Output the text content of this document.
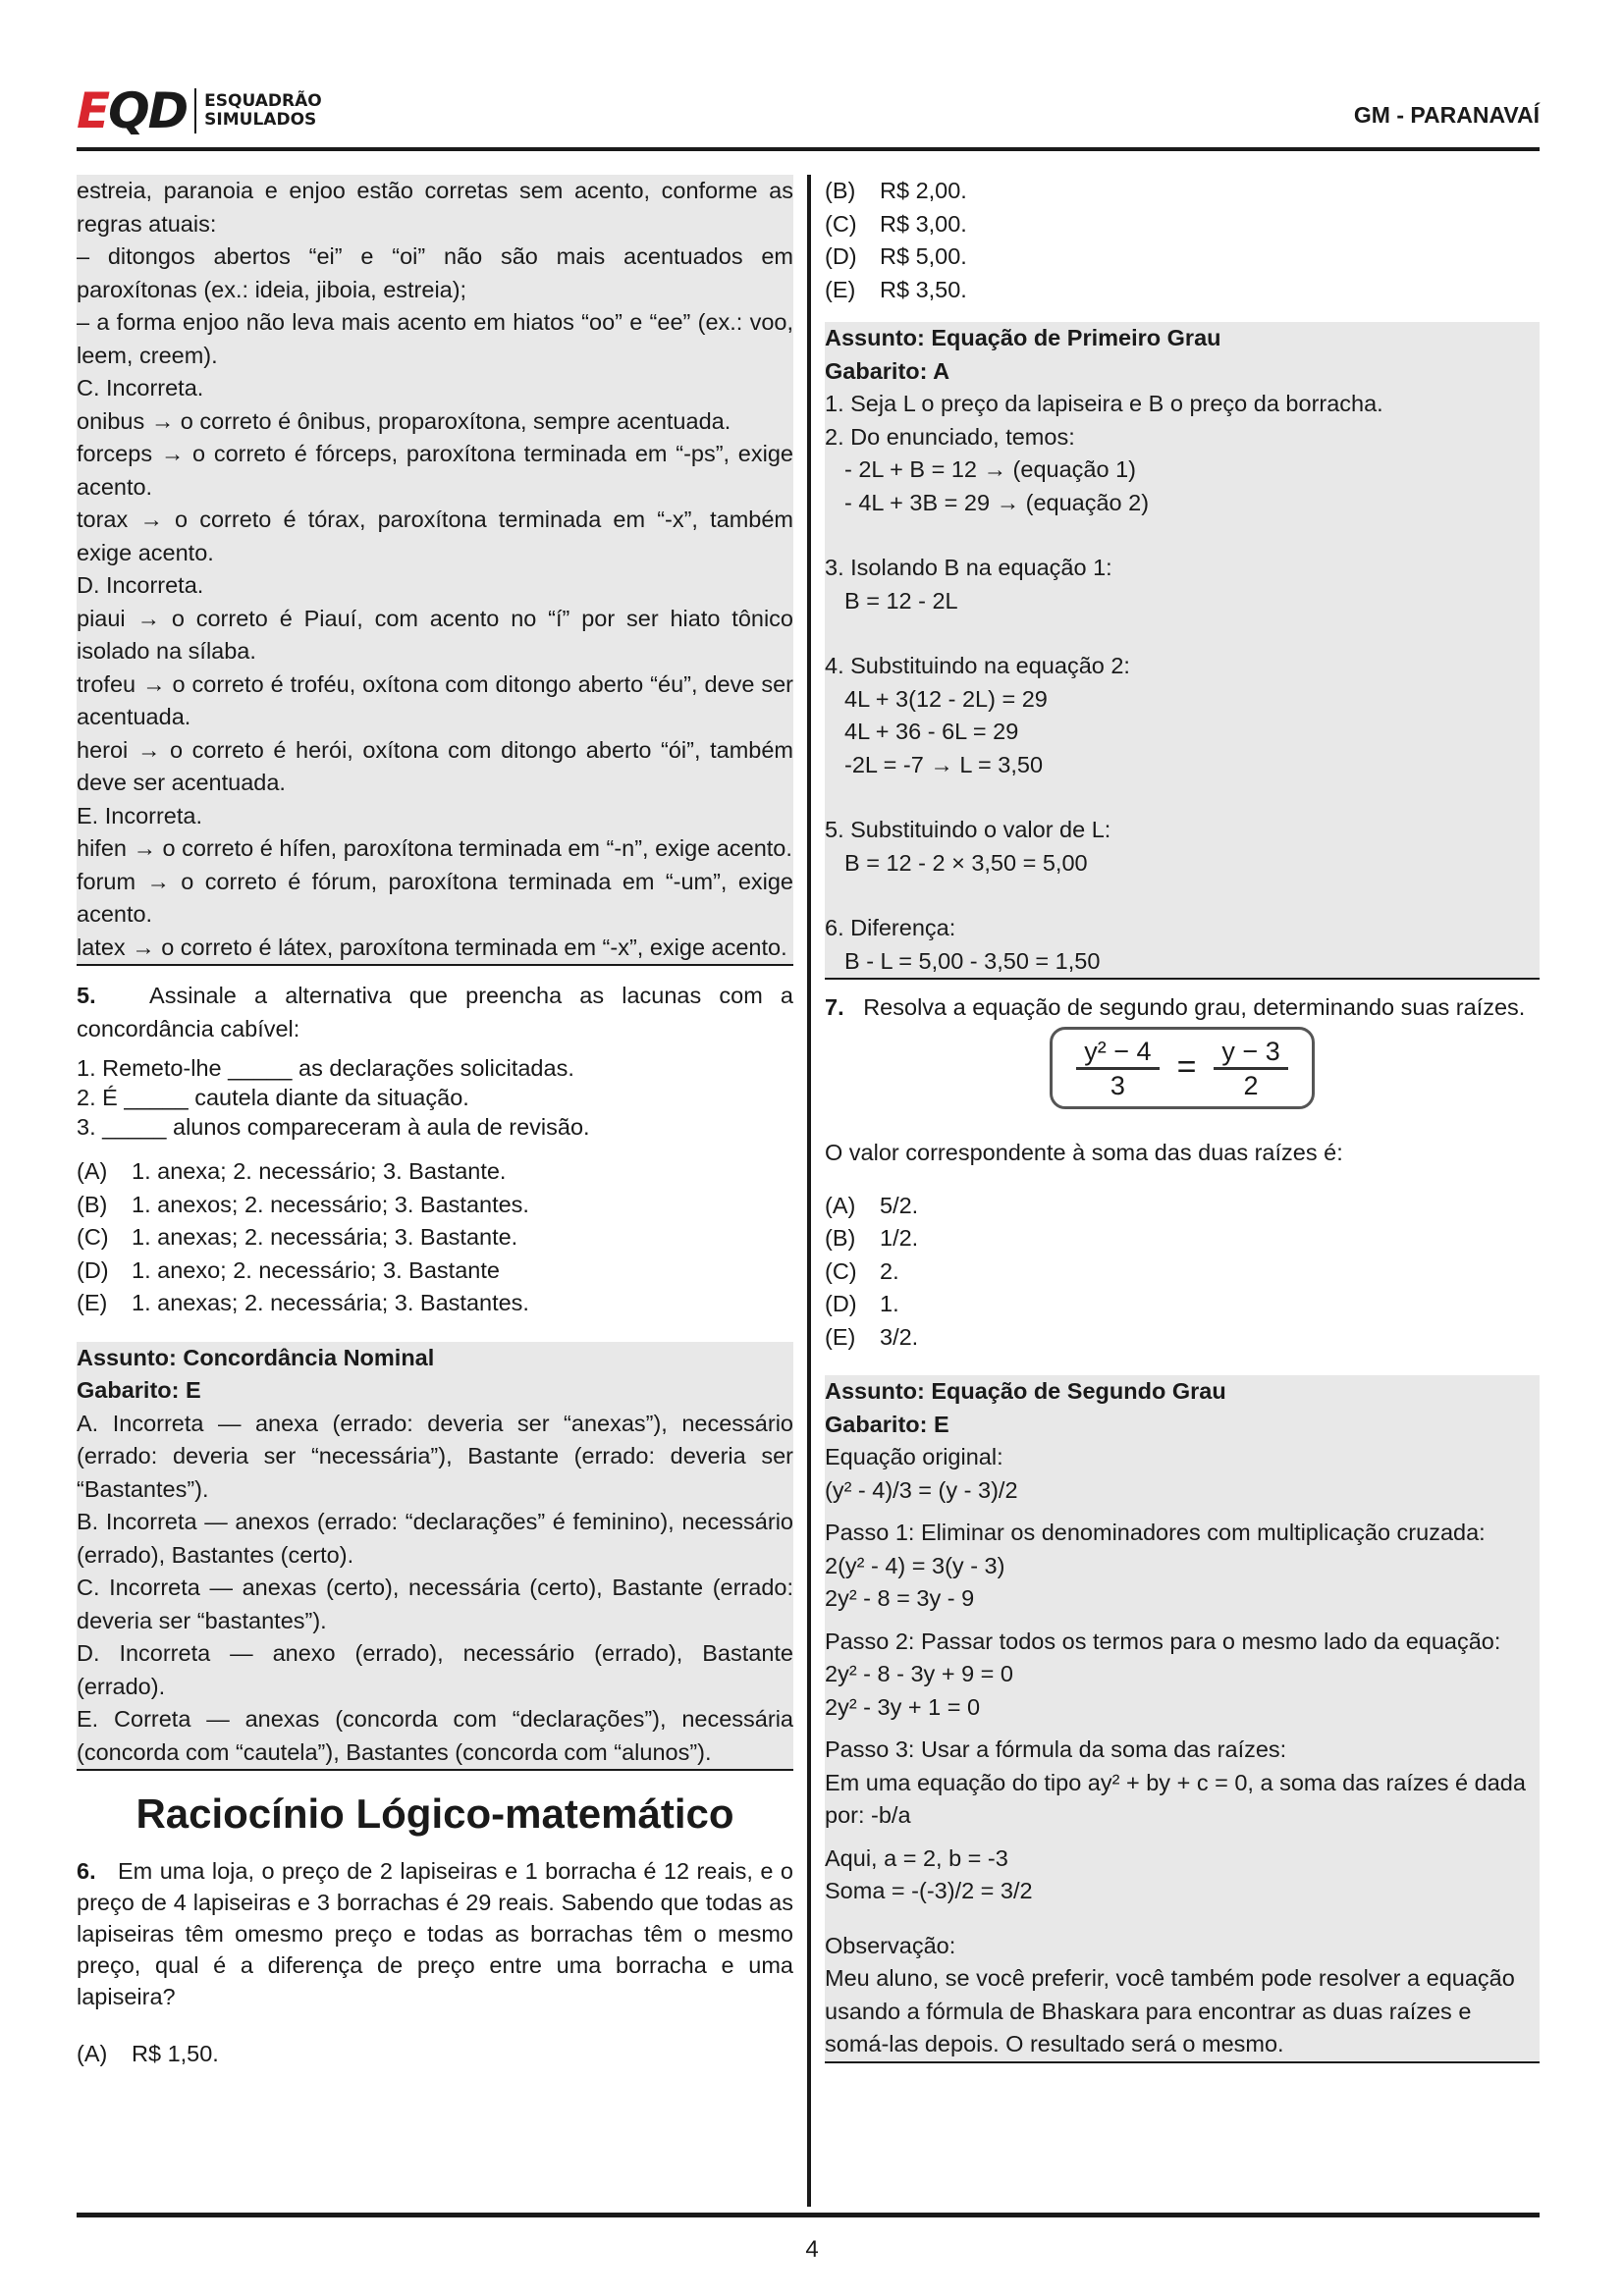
EQD ESQUADRÃO
SIMULADOS	GM - PARANAVAÍ

estreia, paranoia e enjoo estão corretas sem acento, conforme as regras atuais:

– ditongos abertos “ei” e “oi” não são mais acentuados em paroxítonas (ex.: ideia, jiboia, estreia);

– a forma enjoo não leva mais acento em hiatos “oo” e “ee” (ex.: voo, leem, creem).

C. Incorreta.

onibus → o correto é ônibus, proparoxítona, sempre acentuada.

forceps → o correto é fórceps, paroxítona terminada em “-ps”, exige acento.

torax → o correto é tórax, paroxítona terminada em “-x”, também exige acento.

D. Incorreta.

piaui → o correto é Piauí, com acento no “í” por ser hiato tônico isolado na sílaba.

trofeu → o correto é troféu, oxítona com ditongo aberto “éu”, deve ser acentuada.

heroi → o correto é herói, oxítona com ditongo aberto “ói”, também deve ser acentuada.

E. Incorreta.

hifen → o correto é hífen, paroxítona terminada em “-n”, exige acento.

forum → o correto é fórum, paroxítona terminada em “-um”, exige acento.

latex → o correto é látex, paroxítona terminada em “-x”, exige acento.

5. Assinale a alternativa que preencha as lacunas com a concordância cabível:

1. Remeto-lhe _____ as declarações solicitadas.

2. É _____ cautela diante da situação.

3. _____ alunos compareceram à aula de revisão.

(A)	1. anexa; 2. necessário; 3. Bastante.
(B)	1. anexos; 2. necessário; 3. Bastantes.
(C) 1. anexas; 2. necessária; 3. Bastante.
(D) 1. anexo; 2. necessário; 3. Bastante
(E)	1. anexas; 2. necessária; 3. Bastantes.

Assunto: Concordância Nominal

Gabarito: E

A. Incorreta — anexa (errado: deveria ser “anexas”), necessário (errado: deveria ser “necessária”), Bastante (errado: deveria ser “Bastantes”).

B. Incorreta — anexos (errado: “declarações” é feminino), necessário (errado), Bastantes (certo).

C. Incorreta — anexas (certo), necessária (certo), Bastante (errado: deveria ser “bastantes”).

D. Incorreta — anexo (errado), necessário (errado), Bastante (errado).

E. Correta — anexas (concorda com “declarações”), necessária (concorda com “cautela”), Bastantes (concorda com “alunos”).

Raciocínio Lógico-matemático

6. Em uma loja, o preço de 2 lapiseiras e 1 borracha é 12 reais, e o preço de 4 lapiseiras e 3 borrachas é 29 reais. Sabendo que todas as lapiseiras têm omesmo preço e todas as borrachas têm o mesmo preço, qual é a diferença de preço entre uma borracha e uma lapiseira?

(A)	R$ 1,50.
(B)	R$ 2,00.
(C) R$ 3,00.
(D) R$ 5,00.
(E)	R$ 3,50.

Assunto: Equação de Primeiro Grau

Gabarito: A

1. Seja L o preço da lapiseira e B o preço da borracha.

2. Do enunciado, temos:

- 2L + B = 12 → (equação 1)

- 4L + 3B = 29 → (equação 2)

3. Isolando B na equação 1:

B = 12 - 2L

4. Substituindo na equação 2:

4L + 3(12 - 2L) = 29

4L + 36 - 6L = 29

-2L = -7 → L = 3,50

5. Substituindo o valor de L:

B = 12 - 2 × 3,50 = 5,00

6. Diferença:

B - L = 5,00 - 3,50 = 1,50

7. Resolva a equação de segundo grau, determinando suas raízes.

$\frac{\text{y² − 4}}{3} = \frac{y - 3}{2}$

O valor correspondente à soma das duas raízes é:

(A)	5/2.
(B)	1/2.
(C) 2.
(D) 1.
(E)	3/2.

Assunto: Equação de Segundo Grau

Gabarito: E

Equação original:

(y² - 4)/3 = (y - 3)/2

Passo 1: Eliminar os denominadores com multiplicação cruzada:

2(y² - 4) = 3(y - 3)

2y² - 8 = 3y - 9

Passo 2: Passar todos os termos para o mesmo lado da equação:

2y² - 8 - 3y + 9 = 0

2y² - 3y + 1 = 0

Passo 3: Usar a fórmula da soma das raízes:

Em uma equação do tipo ay² + by + c = 0, a soma das raízes é dada por: -b/a

Aqui, a = 2, b = -3

Soma = -(-3)/2 = 3/2

Observação:

Meu aluno, se você preferir, você também pode resolver a equação usando a fórmula de Bhaskara para encontrar as duas raízes e somá-las depois. O resultado será o mesmo.

4
